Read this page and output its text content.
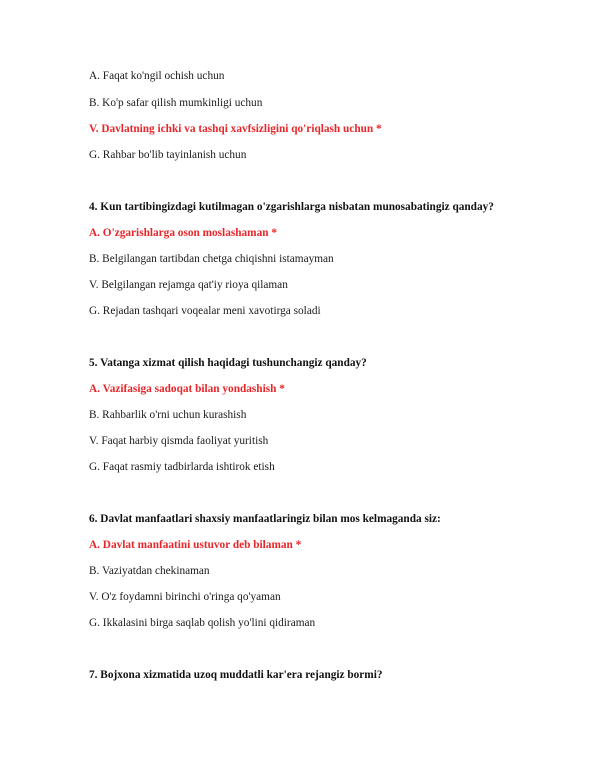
A. Faqat ko'ngil ochish uchun
B. Ko'p safar qilish mumkinligi uchun
V. Davlatning ichki va tashqi xavfsizligini qo'riqlash uchun *
G. Rahbar bo'lib tayinlanish uchun
4. Kun tartibingizdagi kutilmagan o'zgarishlarga nisbatan munosabatingiz qanday?
A. O'zgarishlarga oson moslashaman *
B. Belgilangan tartibdan chetga chiqishni istamayman
V. Belgilangan rejamga qat'iy rioya qilaman
G. Rejadan tashqari voqealar meni xavotirga soladi
5. Vatanga xizmat qilish haqidagi tushunchangiz qanday?
A. Vazifasiga sadoqat bilan yondashish *
B. Rahbarlik o'rni uchun kurashish
V. Faqat harbiy qismda faoliyat yuritish
G. Faqat rasmiy tadbirlarda ishtirok etish
6. Davlat manfaatlari shaxsiy manfaatlaringiz bilan mos kelmaganda siz:
A. Davlat manfaatini ustuvor deb bilaman *
B. Vaziyatdan chekinaman
V. O'z foydamni birinchi o'ringa qo'yaman
G. Ikkalasini birga saqlab qolish yo'lini qidiraman
7. Bojxona xizmatida uzoq muddatli kar'era rejangiz bormi?
